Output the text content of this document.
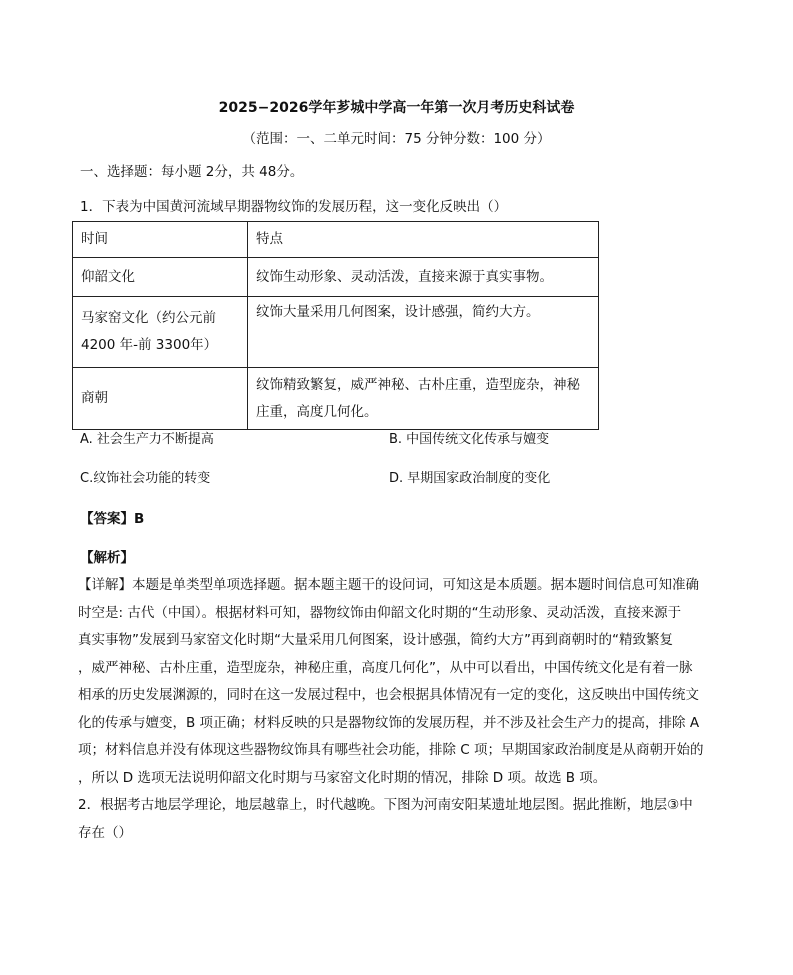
2025−2026学年芗城中学高一年第一次月考历史科试卷
（范围：一、二单元时间：75 分钟分数：100 分）
一、选择题：每小题 2分，共 48分。
1．下表为中国黄河流域早期器物纹饰的发展历程，这一变化反映出（）
时间	特点
仰韶文化	纹饰生动形象、灵动活泼，直接来源于真实事物。
马家窑文化（约公元前
4200 年-前 3300年）	纹饰大量采用几何图案，设计感强，简约大方。
商朝	纹饰精致繁复，威严神秘、古朴庄重，造型庞杂，神秘
庄重，高度几何化。
A. 社会生产力不断提高	B. 中国传统文化传承与嬗变
C.纹饰社会功能的转变	D. 早期国家政治制度的变化
【答案】B
【解析】
【详解】本题是单类型单项选择题。据本题主题干的设问词，可知这是本质题。据本题时间信息可知准确
时空是: 古代（中国）。根据材料可知，器物纹饰由仰韶文化时期的“生动形象、灵动活泼，直接来源于
真实事物”发展到马家窑文化时期“大量采用几何图案，设计感强，简约大方”再到商朝时的“精致繁复
，威严神秘、古朴庄重，造型庞杂，神秘庄重，高度几何化”，从中可以看出，中国传统文化是有着一脉
相承的历史发展渊源的，同时在这一发展过程中，也会根据具体情况有一定的变化，这反映出中国传统文
化的传承与嬗变，B 项正确；材料反映的只是器物纹饰的发展历程，并不涉及社会生产力的提高，排除 A
项；材料信息并没有体现这些器物纹饰具有哪些社会功能，排除 C 项；早期国家政治制度是从商朝开始的
，所以 D 选项无法说明仰韶文化时期与马家窑文化时期的情况，排除 D 项。故选 B 项。
2．根据考古地层学理论，地层越靠上，时代越晚。下图为河南安阳某遗址地层图。据此推断，地层③中
存在（）
